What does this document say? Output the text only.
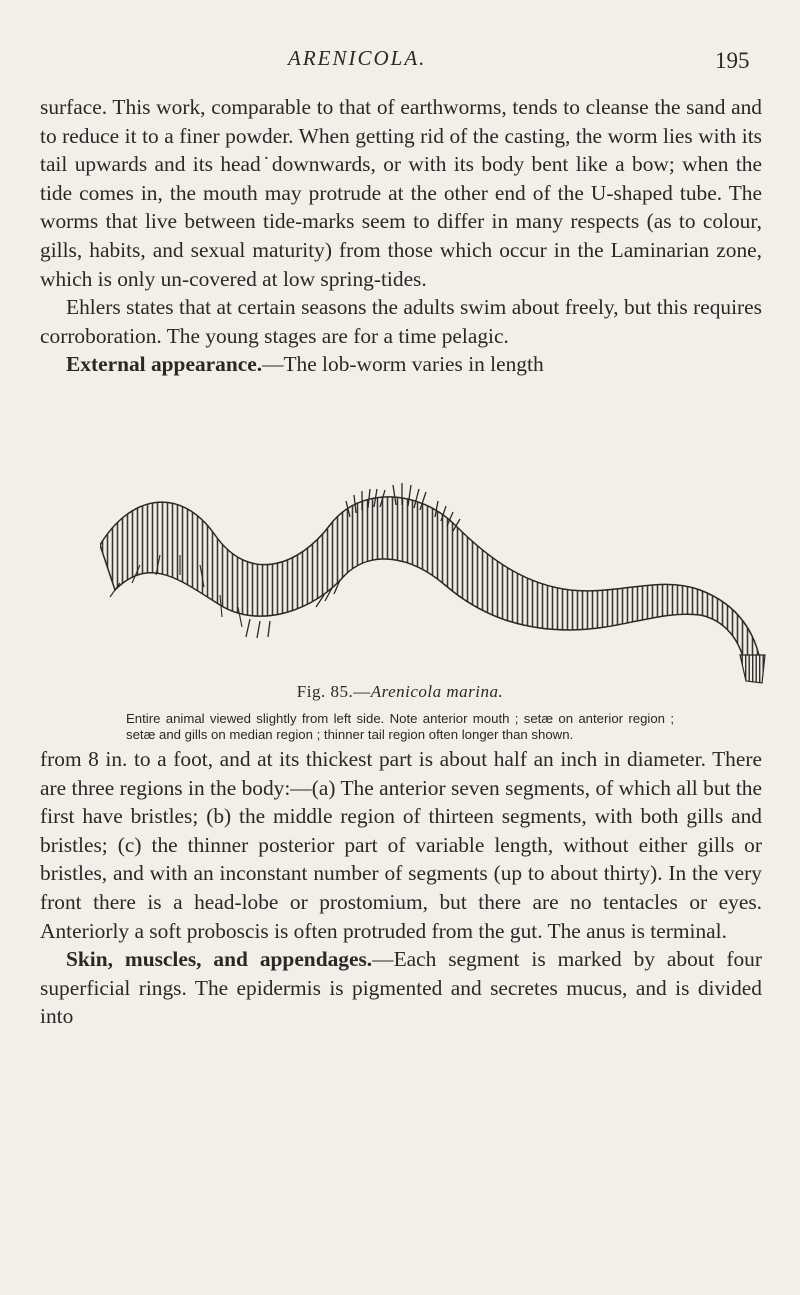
ARENICOLA.	195

surface. This work, comparable to that of earthworms, tends to cleanse the sand and to reduce it to a finer powder. When getting rid of the casting, the worm lies with its tail upwards and its head˙downwards, or with its body bent like a bow; when the tide comes in, the mouth may protrude at the other end of the U-shaped tube. The worms that live between tide-marks seem to differ in many respects (as to colour, gills, habits, and sexual maturity) from those which occur in the Laminarian zone, which is only un-covered at low spring-tides.

Ehlers states that at certain seasons the adults swim about freely, but this requires corroboration. The young stages are for a time pelagic.

External appearance.—The lob-worm varies in length

Fig. 85.—Arenicola marina.
Entire animal viewed slightly from left side. Note anterior mouth ; setæ on anterior region ; setæ and gills on median region ; thinner tail region often longer than shown.

from 8 in. to a foot, and at its thickest part is about half an inch in diameter. There are three regions in the body:—(a) The anterior seven segments, of which all but the first have bristles; (b) the middle region of thirteen segments, with both gills and bristles; (c) the thinner posterior part of variable length, without either gills or bristles, and with an inconstant number of segments (up to about thirty). In the very front there is a head-lobe or prostomium, but there are no tentacles or eyes. Anteriorly a soft proboscis is often protruded from the gut. The anus is terminal.

Skin, muscles, and appendages.—Each segment is marked by about four superficial rings. The epidermis is pigmented and secretes mucus, and is divided into
